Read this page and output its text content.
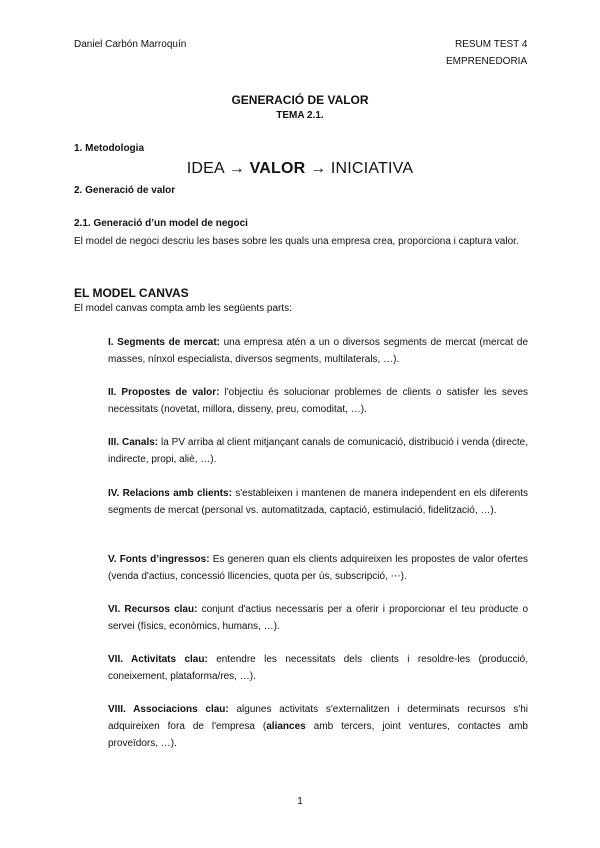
Daniel Carbón Marroquín	RESUM TEST 4
EMPRENEDORIA
GENERACIÓ DE VALOR
TEMA 2.1.
1. Metodologia
IDEA → VALOR → INICIATIVA
2. Generació de valor
2.1. Generació d’un model de negoci
El model de negoci descriu les bases sobre les quals una empresa crea, proporciona i captura valor.
EL MODEL CANVAS
El model canvas compta amb les següents parts:
I. Segments de mercat: una empresa atén a un o diversos segments de mercat (mercat de masses, nínxol especialista, diversos segments, multilaterals, …).
II. Propostes de valor: l'objectiu és solucionar problemes de clients o satisfer les seves necessitats (novetat, millora, disseny, preu, comoditat, …).
III. Canals: la PV arriba al client mitjançant canals de comunicació, distribució i venda (directe, indirecte, propi, aliè, …).
IV. Relacions amb clients: s'estableixen i mantenen de manera independent en els diferents segments de mercat (personal vs. automatitzada, captació, estimulació, fidelització, …).
V. Fonts d’ingressos: Es generen quan els clients adquireixen les propostes de valor ofertes (venda d'actius, concessió llicencies, quota per ús, subscripció, ⋯).
VI. Recursos clau: conjunt d'actius necessaris per a oferir i proporcionar el teu producte o servei (físics, econòmics, humans, …).
VII. Activitats clau: entendre les necessitats dels clients i resoldre-les (producció, coneixement, plataforma/res, …).
VIII. Associacions clau: algunes activitats s'externalitzen i determinats recursos s'hi adquireixen fora de l'empresa (aliances amb tercers, joint ventures, contactes amb proveïdors, …).
1
